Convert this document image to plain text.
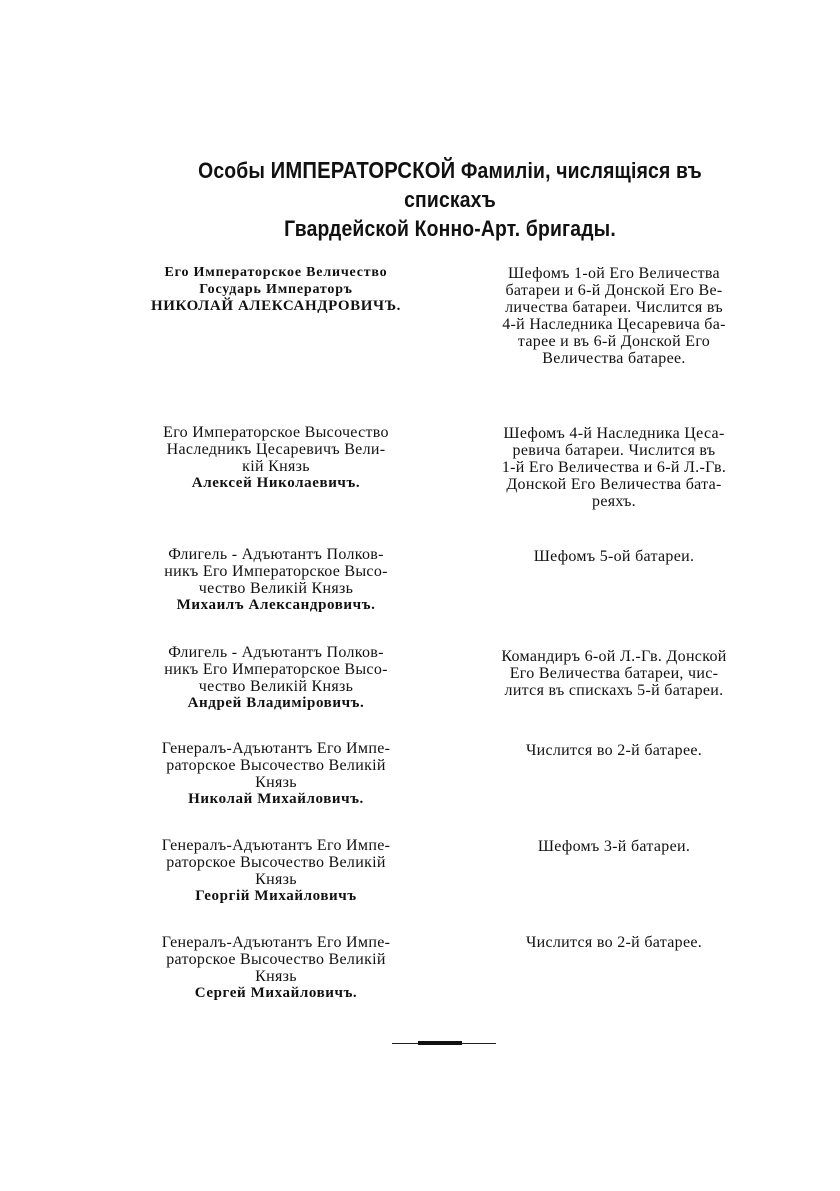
Особы ИМПЕРАТОРСКОЙ Фамилiи, числящiяся въ спискахъ
Гвардейской Конно-Арт. бригады.
Его Императорское Величество
Государь Императоръ
НИКОЛАЙ АЛЕКСАНДРОВИЧЪ.
Шефомъ 1-ой Его Величества
батареи и 6-й Донской Его Ве-
личества батареи. Числится въ
4-й Наследника Цесаревича ба-
тарее и въ 6-й Донской Его
Величества батарее.
Его Императорское Высочество
Наследникъ Цесаревичъ Вели-
кiй Князь
Алексей Николаевичъ.
Шефомъ 4-й Наследника Цеса-
ревича батареи. Числится въ
1-й Его Величества и 6-й Л.-Гв.
Донской Его Величества бата-
реяхъ.
Флигель - Адъютантъ Полков-
никъ Его Императорское Высо-
чество Великiй Князь
Михаилъ Александровичъ.
Шефомъ 5-ой батареи.
Флигель - Адъютантъ Полков-
никъ Его Императорское Высо-
чество Великiй Князь
Андрей Владимiровичъ.
Командиръ 6-ой Л.-Гв. Донской
Его Величества батареи, чис-
лится въ спискахъ 5-й батареи.
Генералъ-Адъютантъ Его Импе-
раторское Высочество Великiй
Князь
Николай Михайловичъ.
Числится во 2-й батарее.
Генералъ-Адъютантъ Его Импе-
раторское Высочество Великiй
Князь
Георгiй Михайловичъ
Шефомъ 3-й батареи.
Генералъ-Адъютантъ Его Импе-
раторское Высочество Великiй
Князь
Сергей Михайловичъ.
Числится во 2-й батарее.
